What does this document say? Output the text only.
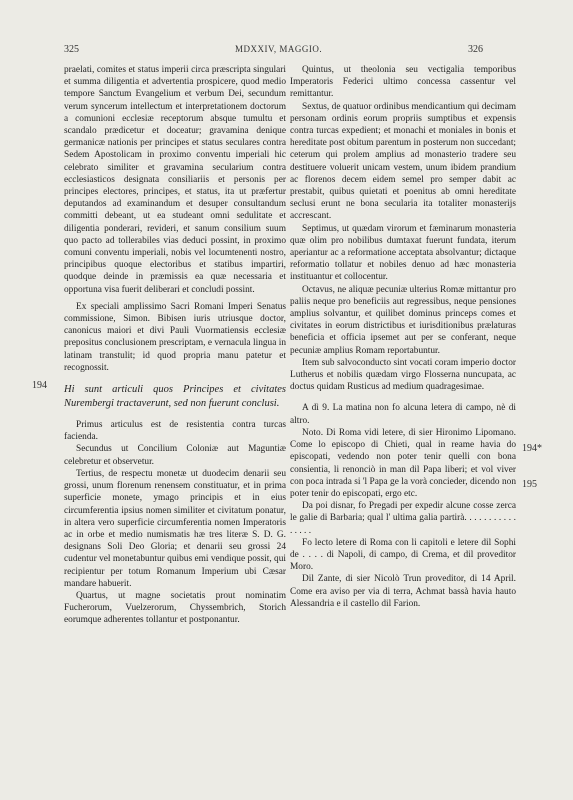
325	MDXXIV, MAGGIO.	326
194
194*
195

praelati, comites et status imperii circa præscripta singulari et summa diligentia et advertentia prospicere, quod medio tempore Sanctum Evangelium et verbum Dei, secundum verum syncerum intellectum et interpretationem doctorum a comunioni ecclesiæ receptorum absque tumultu et scandalo prædicetur et doceatur; gravamina denique germanicæ nationis per principes et status seculares contra Sedem Apostolicam in proximo conventu imperiali hic celebrato similiter et gravamina secularium contra ecclesiasticos designata consiliariis et personis per principes electores, principes, et status, ita ut præfertur deputandos ad examinandum et desuper consultandum committi debeant, ut ea studeant omni sedulitate et diligentia ponderari, revideri, et sanum consilium suum quo pacto ad tollerabiles vias deduci possint, in proximo comuni conventu imperiali, nobis vel locumtenenti nostro, principibus quoque electoribus et statibus impartiri, quodque deinde in præmissis ea quæ necessaria et opportuna visa fuerit deliberari et concludi possint.

Ex speciali amplissimo Sacri Romani Imperi Senatus commissione, Simon. Bibisen iuris utriusque doctor, canonicus maiori et divi Pauli Vuormatiensis ecclesiæ prepositus conclusionem prescriptam, e vernacula lingua in latinam transtulit; id quod propria manu patetur et recognossit.

Hi sunt articuli quos Principes et civitates Nurembergi tractaverunt, sed non fuerunt conclusi.

Primus articulus est de resistentia contra turcas facienda.

Secundus ut Concilium Coloniæ aut Maguntiæ celebretur et observetur.

Tertius, de respectu monetæ ut duodecim denarii seu grossi, unum florenum renensem constituatur, et in prima superficie monete, ymago principis et in eius circumferentia ipsius nomen similiter et civitatum ponatur, in altera vero superficie circumferentia nomen Imperatoris ac in orbe et medio numismatis hæ tres literæ S. D. G. designans Soli Deo Gloria; et denarii seu grossi 24 cudentur vel monetabuntur quibus emi vendique possit, qui recipientur per totum Romanum Imperium ubi Cæsar mandare habuerit.

Quartus, ut magne societatis prout nominatim Fucherorum, Vuelzerorum, Chyssembrich, Storich eorumque adherentes tollantur et postponantur.

Quintus, ut theolonia seu vectigalia temporibus Imperatoris Federici ultimo concessa cassentur vel remittantur.

Sextus, de quatuor ordinibus mendicantium qui decimam personam ordinis eorum propriis sumptibus et expensis contra turcas expedient; et monachi et moniales in bonis et hereditate post obitum parentum in posterum non succedant; ceterum qui prolem amplius ad monasterio tradere seu destituere voluerit unicam vestem, unum ibidem prandium ac florenos decem eidem semel pro semper dabit ac prestabit, quibus quietati et poenitus ab omni hereditate seclusi erunt ne bona secularia ita totaliter monasterijs accrescant.

Septimus, ut quædam virorum et fæminarum monasteria quæ olim pro nobilibus dumtaxat fuerunt fundata, iterum aperiantur ac a reformatione acceptata absolvantur; dictaque reformatio tollatur et nobiles denuo ad hæc monasteria instituantur et collocentur.

Octavus, ne aliquæ pecuniæ ulterius Romæ mittantur pro paliis neque pro beneficiis aut regressibus, neque pensiones amplius solvantur, et quilibet dominus princeps comes et civitates in eorum districtibus et iurisditionibus prælaturas beneficia et officia ipsemet aut per se conferant, neque pecuniæ amplius Romam reportabuntur.

Item sub salvoconducto sint vocati coram imperio doctor Lutherus et nobilis quædam virgo Flosserna nuncupata, ac doctus quidam Rusticus ad medium quadragesimae.

A dì 9. La matina non fo alcuna letera di campo, nè di altro.

Noto. Di Roma vidi letere, di sier Hironimo Lipomano. Come lo episcopo di Chieti, qual in reame havia do episcopati, vedendo non poter tenir quelli con bona consientia, li renonciò in man dil Papa liberi; et vol viver con poca intrada si 'l Papa ge la vorà concieder, dicendo non poter tenir do episcopati, ergo etc.

Da poi disnar, fo Pregadi per expedir alcune cosse zerca le galie di Barbaria; qual l' ultima galia partirà. . . . . . . . . . . . . . . .

Fo lecto letere di Roma con li capitoli e letere dil Sophi de . . . . di Napoli, di campo, di Crema, et dil proveditor Moro.

Dil Zante, di sier Nicolò Trun proveditor, di 14 April. Come era aviso per via di terra, Achmat bassà havia hauto Alessandria e il castello dil Farion.
